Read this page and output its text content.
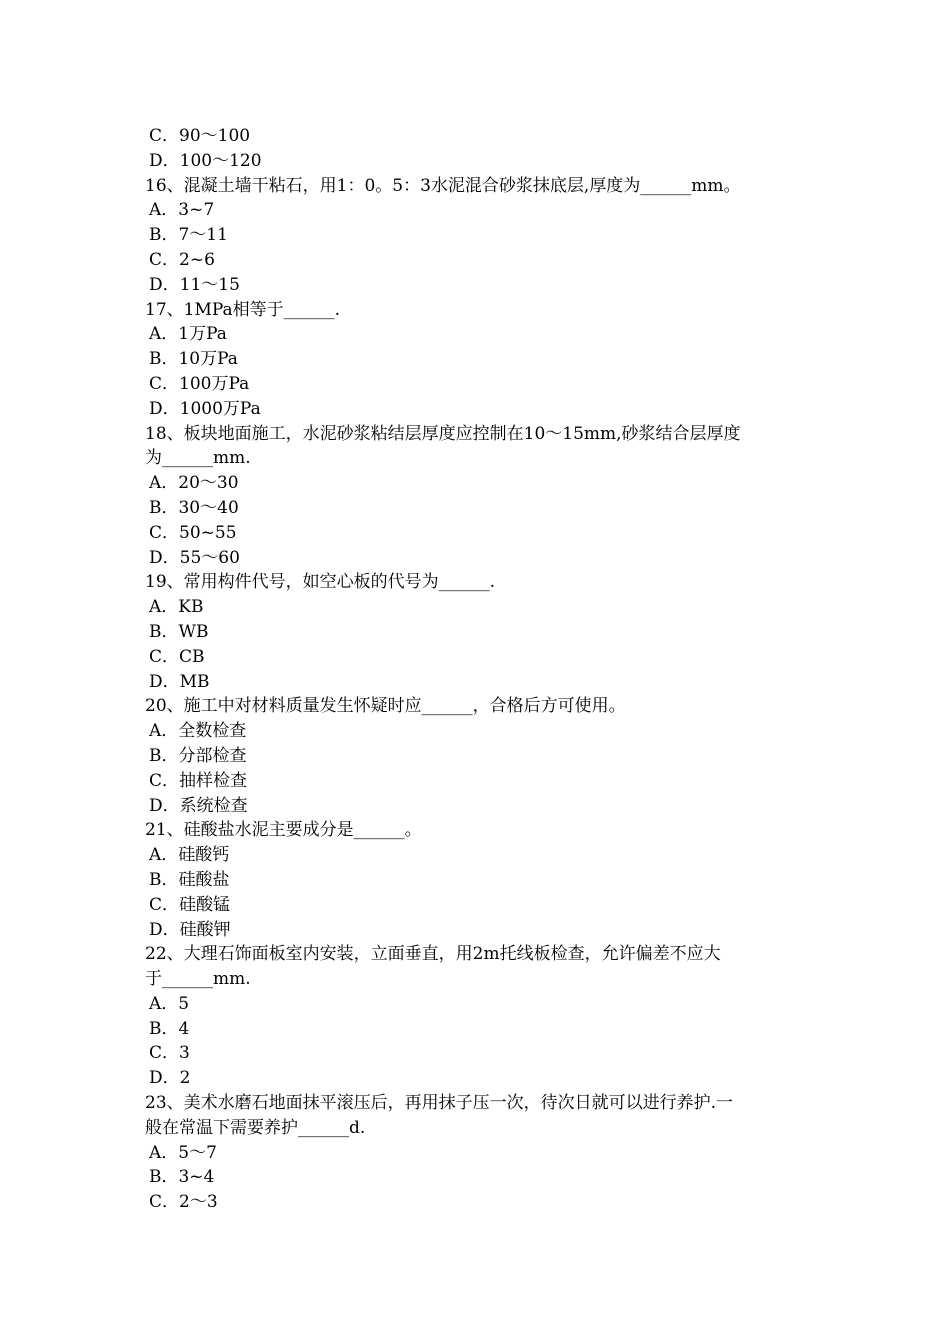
C．90～100
D．100～120
16、混凝土墙干粘石，用1：0。5：3水泥混合砂浆抹底层,厚度为______mm。
A．3~7
B．7～11
C．2~6
D．11～15
17、1MPa相等于______.
A．1万Pa
B．10万Pa
C．100万Pa
D．1000万Pa
18、板块地面施工，水泥砂浆粘结层厚度应控制在10～15mm,砂浆结合层厚度
为______mm.
A．20～30
B．30～40
C．50~55
D．55～60
19、常用构件代号，如空心板的代号为______.
A．KB
B．WB
C．CB
D．MB
20、施工中对材料质量发生怀疑时应______，合格后方可使用。
A．全数检查
B．分部检查
C．抽样检查
D．系统检查
21、硅酸盐水泥主要成分是______。
A．硅酸钙
B．硅酸盐
C．硅酸锰
D．硅酸钾
22、大理石饰面板室内安装，立面垂直，用2m托线板检查，允许偏差不应大
于______mm.
A．5
B．4
C．3
D．2
23、美术水磨石地面抹平滚压后，再用抹子压一次，待次日就可以进行养护.一
般在常温下需要养护______d.
A．5～7
B．3~4
C．2～3
